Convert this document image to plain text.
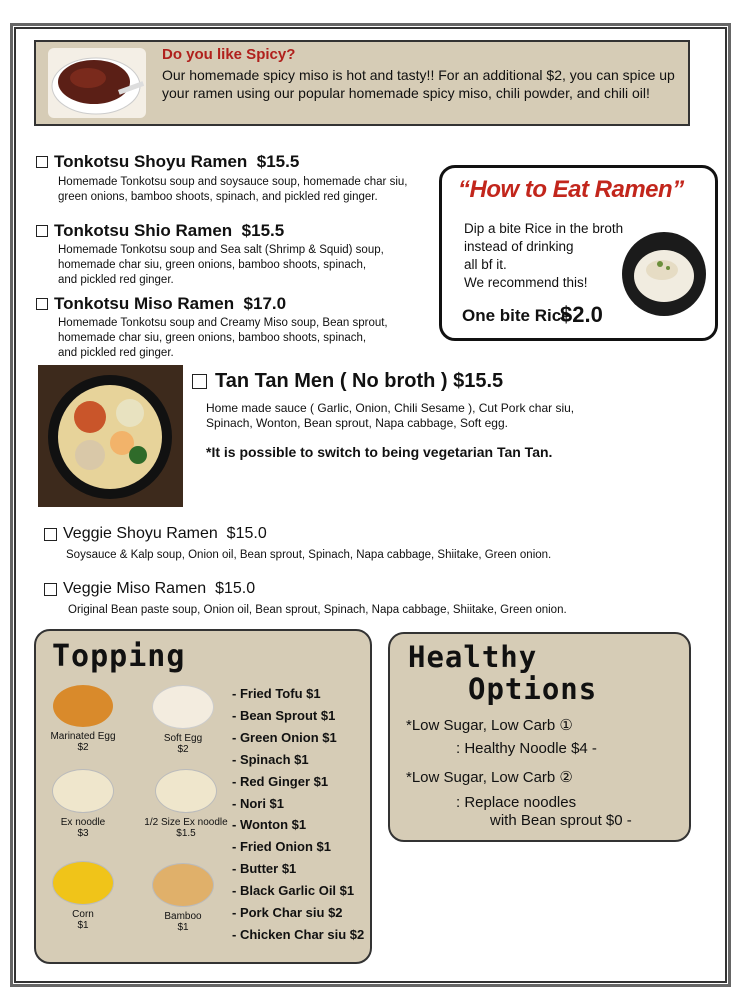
Do you like Spicy?
Our homemade spicy miso is hot and tasty!! For an additional $2, you can spice up your ramen using our popular homemade spicy miso, chili powder, and chili oil!
Tonkotsu Shoyu Ramen
$15.5
Homemade Tonkotsu soup and soysauce soup, homemade char siu,
green onions, bamboo shoots, spinach, and pickled red ginger.
Tonkotsu Shio Ramen
$15.5
Homemade Tonkotsu soup and Sea salt (Shrimp & Squid) soup,
homemade char siu, green onions, bamboo shoots, spinach,
and pickled red ginger.
Tonkotsu Miso Ramen
$17.0
Homemade Tonkotsu soup and Creamy Miso soup, Bean sprout,
homemade char siu, green onions, bamboo shoots, spinach,
and pickled red ginger.
“How to Eat Ramen”
Dip a bite Rice in the broth
instead of drinking
all bf it.
We recommend this!
One bite Rice
$2.0
Tan Tan Men ( No broth ) $15.5
Home made sauce ( Garlic, Onion, Chili Sesame ), Cut Pork char siu,
Spinach, Wonton, Bean sprout, Napa cabbage, Soft egg.
*It is possible to switch to being vegetarian Tan Tan.
Veggie Shoyu Ramen
$15.0
Soysauce & Kalp soup, Onion oil, Bean sprout, Spinach, Napa cabbage, Shiitake, Green onion.
Veggie Miso Ramen
$15.0
Original Bean paste soup, Onion oil, Bean sprout, Spinach, Napa cabbage, Shiitake, Green onion.
Topping
Marinated Egg
$2
Soft Egg
$2
Ex noodle
$3
1/2 Size Ex noodle
$1.5
Corn
$1
Bamboo
$1
- Fried Tofu $1
- Bean Sprout $1
- Green Onion $1
- Spinach $1
- Red Ginger $1
- Nori $1
- Wonton $1
- Fried Onion $1
- Butter $1
- Black Garlic Oil $1
- Pork Char siu $2
- Chicken Char siu $2
Healthy
Options
*Low Sugar, Low Carb ①
: Healthy Noodle $4 -
*Low Sugar, Low Carb ②
: Replace noodles
with Bean sprout $0 -
